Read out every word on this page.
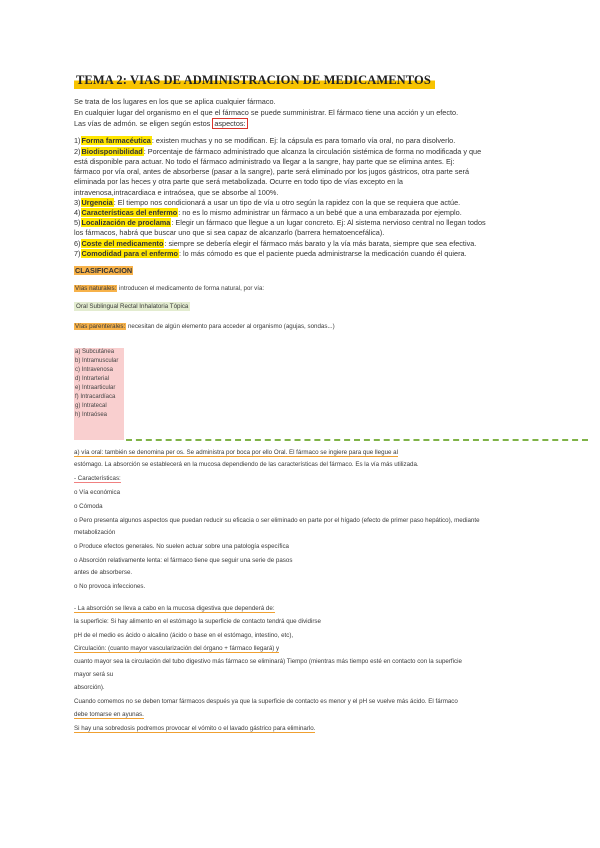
TEMA 2: VIAS DE ADMINISTRACION DE MEDICAMENTOS
Se trata de los lugares en los que se aplica cualquier fármaco.
En cualquier lugar del organismo en el que el fármaco se puede sumministrar. El fármaco tiene una acción y un efecto.
Las vías de admón. se eligen según estos aspectos:
1)Forma farmacéutica: existen muchas y no se modifican. Ej: la cápsula es para tomarlo vía oral, no para disolverlo.
2)Biodisponibilidad: Porcentaje de fármaco administrado que alcanza la circulación sistémica de forma no modificada y que
está disponible para actuar. No todo el fármaco administrado va llegar a la sangre, hay parte que se elimina antes. Ej:
fármaco por vía oral, antes de absorberse (pasar a la sangre), parte será eliminado por los jugos gástricos, otra parte será
eliminada por las heces y otra parte que será metabolizada. Ocurre en todo tipo de vías excepto en la
intravenosa,intracardiaca e intraósea, que se absorbe al 100%.
3)Urgencia: El tiempo nos condicionará a usar un tipo de vía u otro según la rapidez con la que se requiera que actúe.
4)Características del enfermo: no es lo mismo administrar un fármaco a un bebé que a una embarazada por ejemplo.
5)Localización de proclama: Elegir un fármaco que llegue a un lugar concreto. Ej: Al sistema nervioso central no llegan todos
los fármacos, habrá que buscar uno que si sea capaz de alcanzarlo (barrera hematoencefálica).
6)Coste del medicamento: siempre se debería elegir el fármaco más barato y la vía más barata, siempre que sea efectiva.
7)Comodidad para el enfermo: lo más cómodo es que el paciente pueda administrarse la medicación cuando él quiera.
CLASIFICACION
Vías naturales: introducen el medicamento de forma natural, por vía:
Oral Sublingual Rectal Inhalatoria Tópica
Vías parenterales: necesitan de algún elemento para acceder al organismo (agujas, sondas...)
a) Subcutánea
b) Intramuscular
c) Intravenosa
d) Intrarterial
e) Intraarticular
f) Intracardíaca
g) Intratecal
h) Intraósea
a) vía oral: también se denomina per os. Se administra por boca por ello Oral. El fármaco se ingiere para que llegue al
estómago. La absorción se establecerá en la mucosa dependiendo de las características del fármaco. Es la vía más utilizada.
- Características:
o Vía económica
o Cómoda
o Pero presenta algunos aspectos que puedan reducir su eficacia o ser eliminado en parte por el hígado (efecto de primer paso hepático), mediante
metabolización
o Produce efectos generales. No suelen actuar sobre una patología específica
o Absorción relativamente lenta: el fármaco tiene que seguir una serie de pasos
antes de absorberse.
o No provoca infecciones.
- La absorción se lleva a cabo en la mucosa digestiva que dependerá de:
la superficie: Si hay alimento en el estómago la superficie de contacto tendrá que dividirse
pH de el medio es ácido o alcalino (ácido o base en el estómago, intestino, etc),
Circulación: (cuanto mayor vascularización del órgano + fármaco llegará) y
cuanto mayor sea la circulación del tubo digestivo más fármaco se eliminará) Tiempo (mientras más tiempo esté en contacto con la superficie
mayor será su
absorción).
Cuando comemos no se deben tomar fármacos después ya que la superficie de contacto es menor y el pH se vuelve más ácido. El fármaco
debe tomarse en ayunas.
Si hay una sobredosis podremos provocar el vómito o el lavado gástrico para eliminarlo.
